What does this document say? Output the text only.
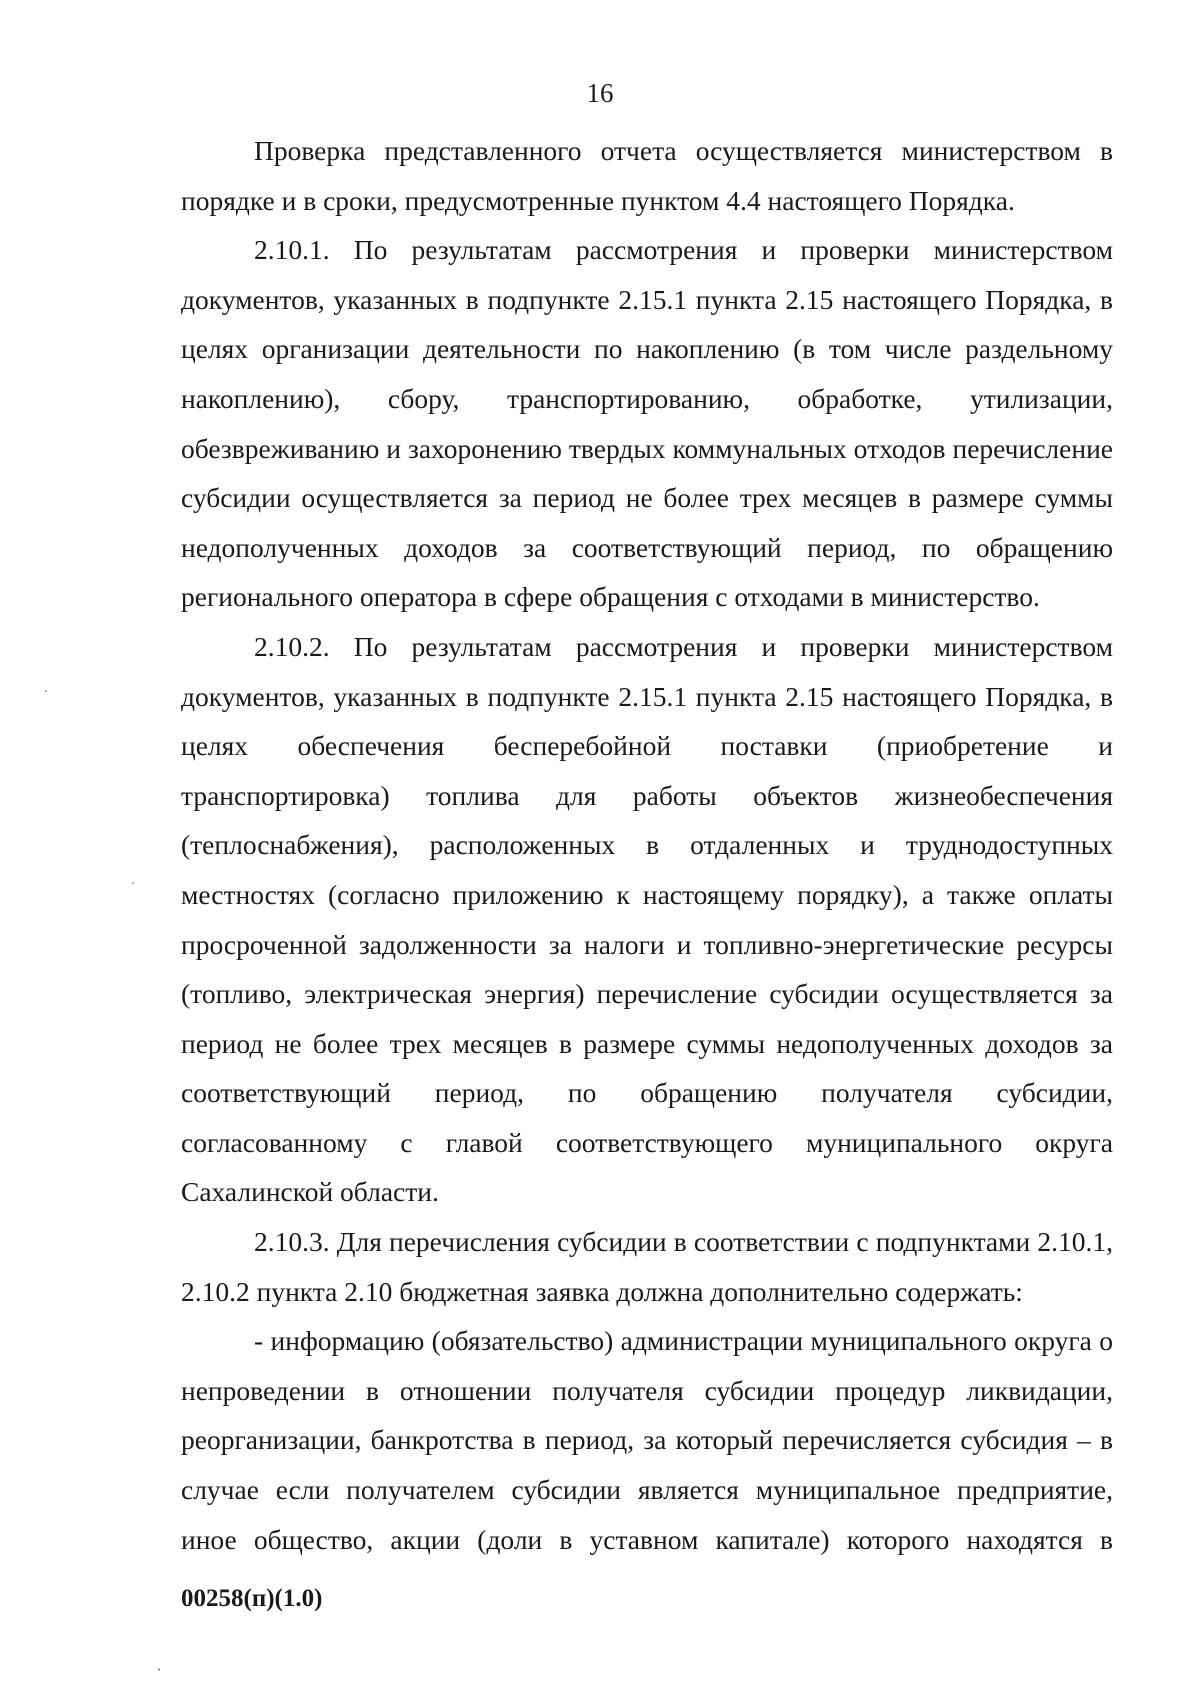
16

Проверка представленного отчета осуществляется министерством в порядке и в сроки, предусмотренные пунктом 4.4 настоящего Порядка.

2.10.1. По результатам рассмотрения и проверки министерством документов, указанных в подпункте 2.15.1 пункта 2.15 настоящего Порядка, в целях организации деятельности по накоплению (в том числе раздельному накоплению), сбору, транспортированию, обработке, утилизации, обезвреживанию и захоронению твердых коммунальных отходов перечисление субсидии осуществляется за период не более трех месяцев в размере суммы недополученных доходов за соответствующий период, по обращению регионального оператора в сфере обращения с отходами в министерство.

2.10.2. По результатам рассмотрения и проверки министерством документов, указанных в подпункте 2.15.1 пункта 2.15 настоящего Порядка, в целях обеспечения бесперебойной поставки (приобретение и транспортировка) топлива для работы объектов жизнеобеспечения (теплоснабжения), расположенных в отдаленных и труднодоступных местностях (согласно приложению к настоящему порядку), а также оплаты просроченной задолженности за налоги и топливно-энергетические ресурсы (топливо, электрическая энергия) перечисление субсидии осуществляется за период не более трех месяцев в размере суммы недополученных доходов за соответствующий период, по обращению получателя субсидии, согласованному с главой соответствующего муниципального округа Сахалинской области.

2.10.3. Для перечисления субсидии в соответствии с подпунктами 2.10.1, 2.10.2 пункта 2.10 бюджетная заявка должна дополнительно содержать:

- информацию (обязательство) администрации муниципального округа о непроведении в отношении получателя субсидии процедур ликвидации, реорганизации, банкротства в период, за который перечисляется субсидия – в случае если получателем субсидии является муниципальное предприятие, иное общество, акции (доли в уставном капитале) которого находятся в

00258(п)(1.0)
